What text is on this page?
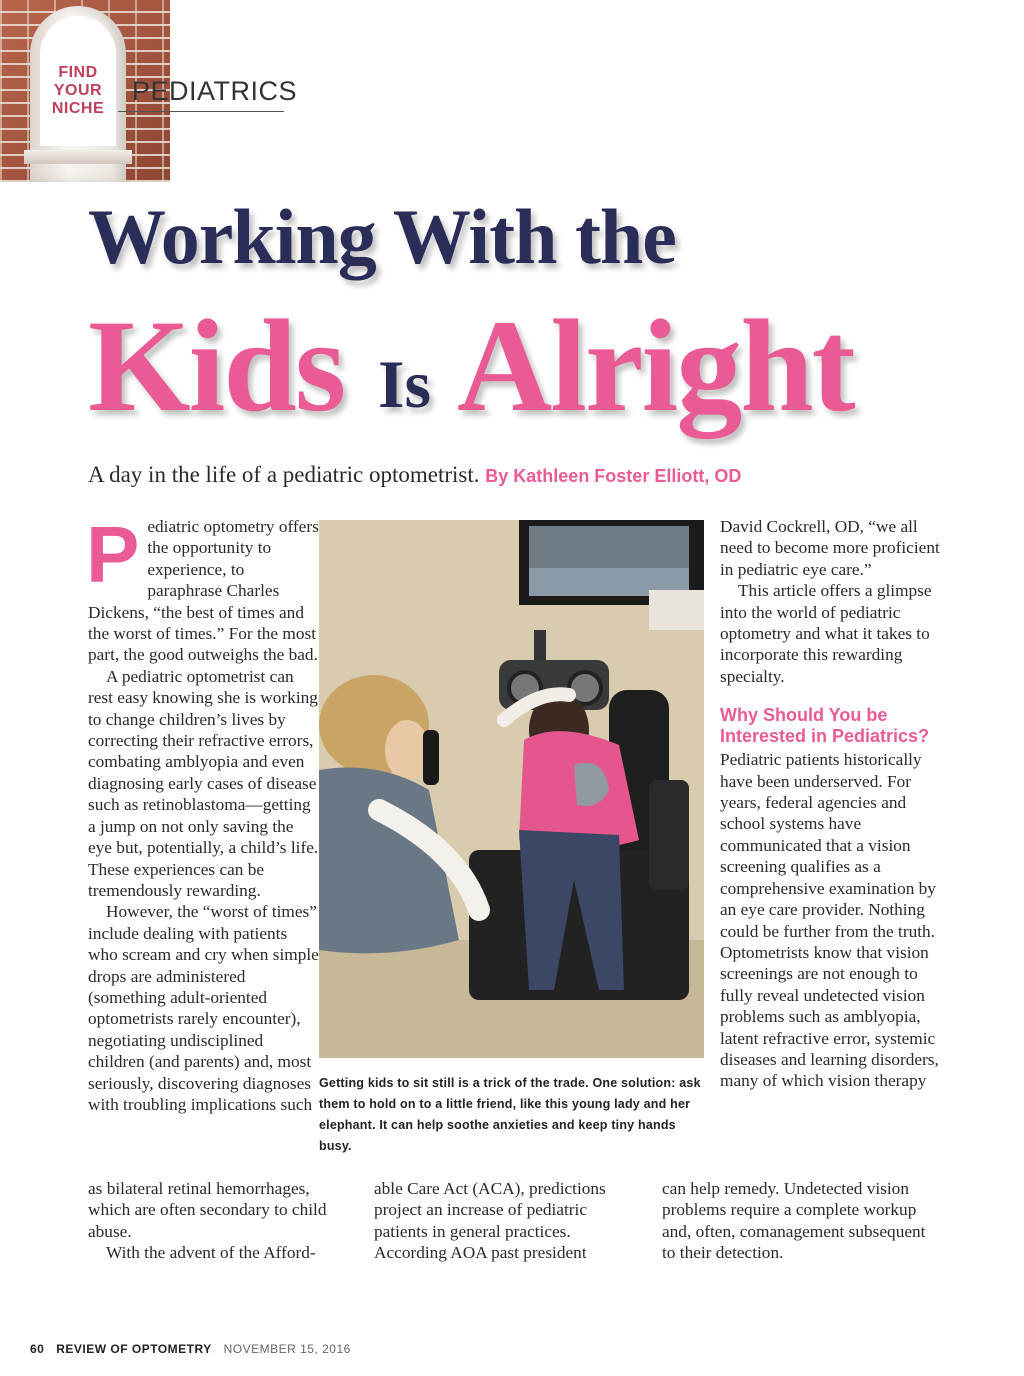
FIND
YOUR
NICHE
PEDIATRICS
Working With the
Kids Is Alright
A day in the life of a pediatric optometrist. By Kathleen Foster Elliott, OD
P ediatric optometry offers the opportunity to experience, to paraphrase Charles Dickens, “the best of times and the worst of times.” For the most part, the good outweighs the bad.

A pediatric optometrist can rest easy knowing she is working to change children’s lives by correcting their refractive errors, combating amblyopia and even diagnosing early cases of disease such as retinoblastoma—getting a jump on not only saving the eye but, potentially, a child’s life. These experiences can be tremendously rewarding.

However, the “worst of times” include dealing with patients who scream and cry when simple drops are administered (something adult-oriented optometrists rarely encounter), negotiating undisciplined children (and parents) and, most seriously, discovering diagnoses with troubling implications such

as bilateral retinal hemorrhages, which are often secondary to child abuse.

With the advent of the Afford-

Getting kids to sit still is a trick of the trade. One solution: ask them to hold on to a little friend, like this young lady and her elephant. It can help soothe anxieties and keep tiny hands busy.

able Care Act (ACA), predictions project an increase of pediatric patients in general practices. According AOA past president

David Cockrell, OD, “we all need to become more proficient in pediatric eye care.”

This article offers a glimpse into the world of pediatric optometry and what it takes to incorporate this rewarding specialty.

Why Should You be Interested in Pediatrics?

Pediatric patients historically have been underserved. For years, federal agencies and school systems have communicated that a vision screening qualifies as a comprehensive examination by an eye care provider. Nothing could be further from the truth. Optometrists know that vision screenings are not enough to fully reveal undetected vision problems such as amblyopia, latent refractive error, systemic diseases and learning disorders, many of which vision therapy

can help remedy. Undetected vision problems require a complete workup and, often, comanagement subsequent to their detection.

60 REVIEW OF OPTOMETRY NOVEMBER 15, 2016
